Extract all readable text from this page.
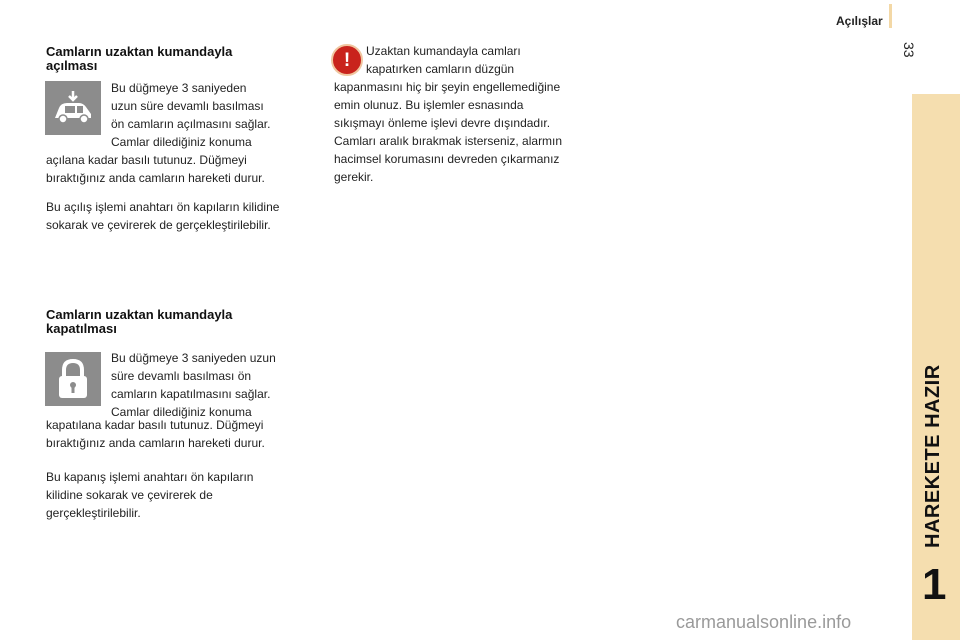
Açılışlar
33
HAREKETE HAZIR
1
Camların uzaktan kumandayla
açılması
Bu düğmeye 3 saniyeden
uzun süre devamlı basılması
ön camların açılmasını sağlar.
Camlar dilediğiniz konuma
açılana kadar basılı tutunuz. Düğmeyi
bıraktığınız anda camların hareketi durur.
Bu açılış işlemi anahtarı ön kapıların kilidine
sokarak ve çevirerek de gerçekleştirilebilir.
Camların uzaktan kumandayla
kapatılması
Bu düğmeye 3 saniyeden uzun
süre devamlı basılması ön
camların kapatılmasını sağlar.
Camlar dilediğiniz konuma
kapatılana kadar basılı tutunuz. Düğmeyi
bıraktığınız anda camların hareketi durur.
Bu kapanış işlemi anahtarı ön kapıların
kilidine sokarak ve çevirerek de
gerçekleştirilebilir.
! Uzaktan kumandayla camları
kapatırken camların düzgün
kapanmasını hiç bir şeyin engellemediğine
emin olunuz. Bu işlemler esnasında
sıkışmayı önleme işlevi devre dışındadır.
Camları aralık bırakmak isterseniz, alarmın
hacimsel korumasını devreden çıkarmanız
gerekir.
carmanualsonline.info
